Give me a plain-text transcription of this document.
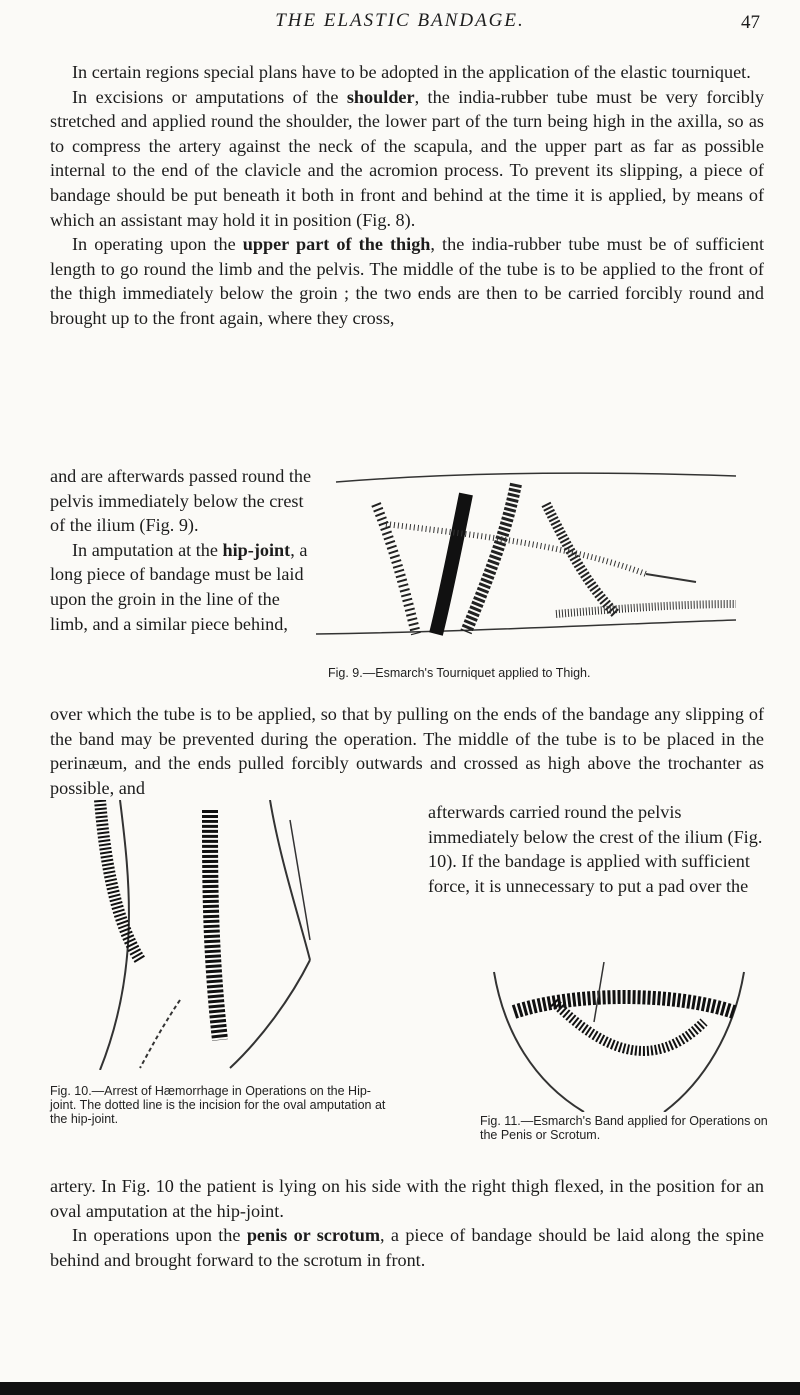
THE ELASTIC BANDAGE.	47
In certain regions special plans have to be adopted in the application of the elastic tourniquet.
In excisions or amputations of the shoulder, the india-rubber tube must be very forcibly stretched and applied round the shoulder, the lower part of the turn being high in the axilla, so as to compress the artery against the neck of the scapula, and the upper part as far as possible internal to the end of the clavicle and the acromion process. To prevent its slipping, a piece of bandage should be put beneath it both in front and behind at the time it is applied, by means of which an assistant may hold it in position (Fig. 8).
In operating upon the upper part of the thigh, the india-rubber tube must be of sufficient length to go round the limb and the pelvis. The middle of the tube is to be applied to the front of the thigh immediately below the groin ; the two ends are then to be carried forcibly round and brought up to the front again, where they cross,
and are afterwards passed round the pelvis immediately below the crest of the ilium (Fig. 9).
In amputation at the hip-joint, a long piece of bandage must be laid upon the groin in the line of the limb, and a similar piece behind,
Fig. 9.—Esmarch's Tourniquet applied to Thigh.
over which the tube is to be applied, so that by pulling on the ends of the bandage any slipping of the band may be prevented during the operation. The middle of the tube is to be placed in the perinæum, and the ends pulled forcibly outwards and crossed as high above the trochanter as possible, and
Fig. 10.—Arrest of Hæmorrhage in Operations on the Hip-joint. The dotted line is the incision for the oval amputation at the hip-joint.
afterwards carried round the pelvis immediately below the crest of the ilium (Fig. 10). If the bandage is applied with sufficient force, it is unnecessary to put a pad over the
Fig. 11.—Esmarch's Band applied for Operations on the Penis or Scrotum.
artery. In Fig. 10 the patient is lying on his side with the right thigh flexed, in the position for an oval amputation at the hip-joint.
In operations upon the penis or scrotum, a piece of bandage should be laid along the spine behind and brought forward to the scrotum in front.
